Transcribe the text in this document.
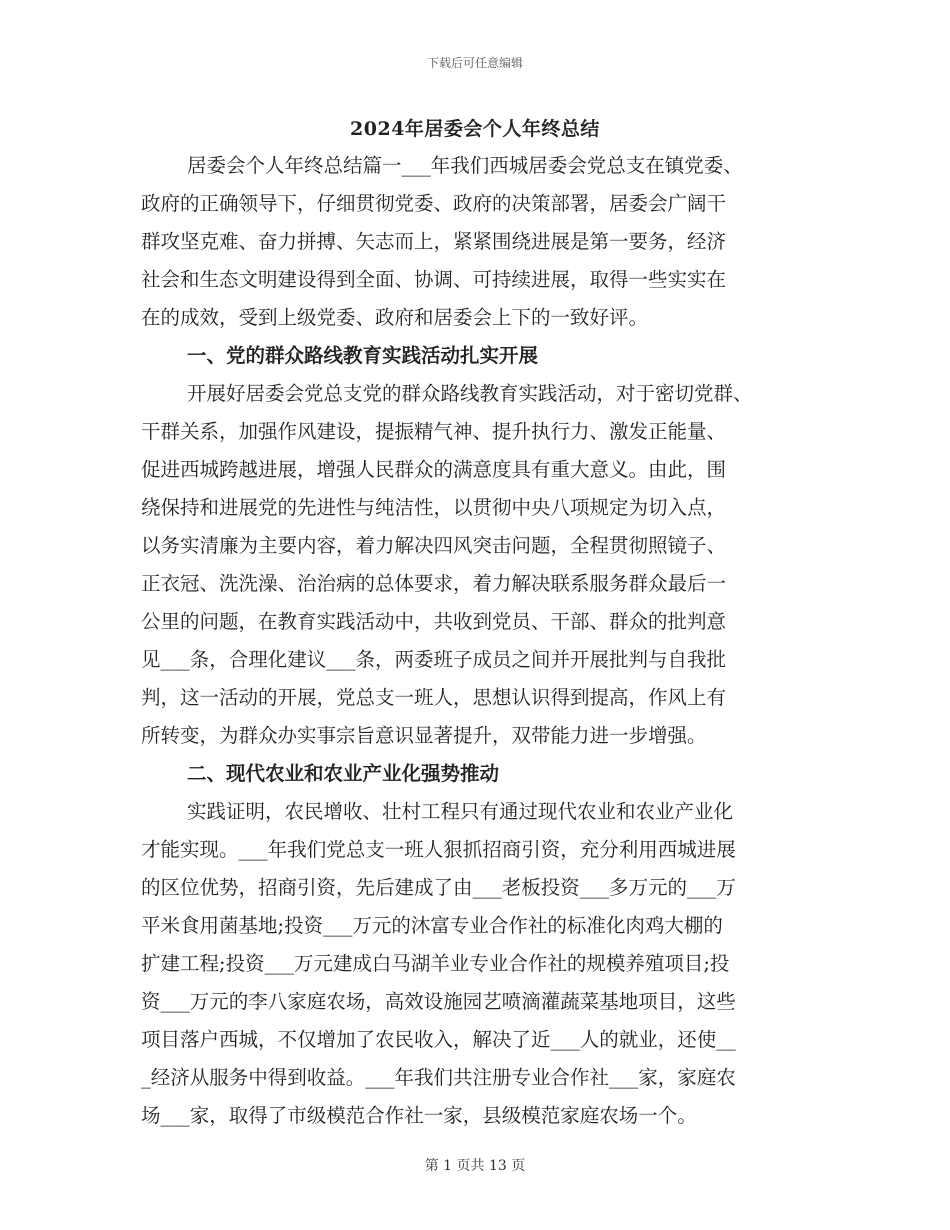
下载后可任意编辑
2024年居委会个人年终总结
居委会个人年终总结篇一___年我们西城居委会党总支在镇党委、
政府的正确领导下，仔细贯彻党委、政府的决策部署，居委会广阔干
群攻坚克难、奋力拼搏、矢志而上，紧紧围绕进展是第一要务，经济
社会和生态文明建设得到全面、协调、可持续进展，取得一些实实在
在的成效，受到上级党委、政府和居委会上下的一致好评。
一、党的群众路线教育实践活动扎实开展
开展好居委会党总支党的群众路线教育实践活动，对于密切党群、
干群关系，加强作风建设，提振精气神、提升执行力、激发正能量、
促进西城跨越进展，增强人民群众的满意度具有重大意义。由此，围
绕保持和进展党的先进性与纯洁性，以贯彻中央八项规定为切入点，
以务实清廉为主要内容，着力解决四风突击问题，全程贯彻照镜子、
正衣冠、洗洗澡、治治病的总体要求，着力解决联系服务群众最后一
公里的问题，在教育实践活动中，共收到党员、干部、群众的批判意
见___条，合理化建议___条，两委班子成员之间并开展批判与自我批
判，这一活动的开展，党总支一班人，思想认识得到提高，作风上有
所转变，为群众办实事宗旨意识显著提升，双带能力进一步增强。
二、现代农业和农业产业化强势推动
实践证明，农民增收、壮村工程只有通过现代农业和农业产业化
才能实现。___年我们党总支一班人狠抓招商引资，充分利用西城进展
的区位优势，招商引资，先后建成了由___老板投资___多万元的___万
平米食用菌基地;投资___万元的沐富专业合作社的标准化肉鸡大棚的
扩建工程;投资___万元建成白马湖羊业专业合作社的规模养殖项目;投
资___万元的李八家庭农场，高效设施园艺喷滴灌蔬菜基地项目，这些
项目落户西城，不仅增加了农民收入，解决了近___人的就业，还使__
_经济从服务中得到收益。___年我们共注册专业合作社___家，家庭农
场___家，取得了市级模范合作社一家，县级模范家庭农场一个。
第 1 页共 13 页
